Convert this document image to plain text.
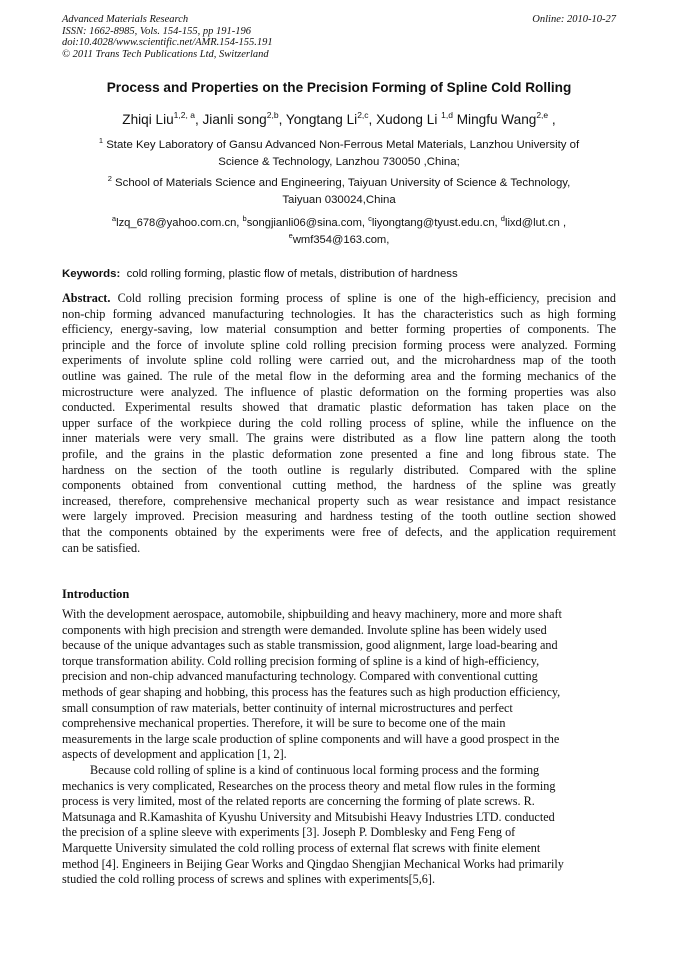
Advanced Materials Research
ISSN: 1662-8985, Vols. 154-155, pp 191-196
doi:10.4028/www.scientific.net/AMR.154-155.191
© 2011 Trans Tech Publications Ltd, Switzerland
Online: 2010-10-27
Process and Properties on the Precision Forming of Spline Cold Rolling
Zhiqi Liu$^{1,2, a}$, Jianli song$^{2,b}$, Yongtang Li$^{2,c}$, Xudong Li $^{1,d}$ Mingfu Wang$^{2,e}$ ,
$^1$ State Key Laboratory of Gansu Advanced Non-Ferrous Metal Materials, Lanzhou University of
Science & Technology, Lanzhou 730050 ,China;
$^2$ School of Materials Science and Engineering, Taiyuan University of Science & Technology,
Taiyuan 030024,China
$^a$lzq_678@yahoo.com.cn, $^b$songjianli06@sina.com, $^c$liyongtang@tyust.edu.cn, $^d$lixd@lut.cn ,
$^e$wmf354@163.com,
Keywords: cold rolling forming, plastic flow of metals, distribution of hardness
Abstract. Cold rolling precision forming process of spline is one of the high-efficiency, precision and
non-chip forming advanced manufacturing technologies. It has the characteristics such as high forming
efficiency, energy-saving, low material consumption and better forming properties of components. The
principle and the force of involute spline cold rolling precision forming process were analyzed. Forming
experiments of involute spline cold rolling were carried out, and the microhardness map of the tooth
outline was gained. The rule of the metal flow in the deforming area and the forming mechanics of the
microstructure were analyzed. The influence of plastic deformation on the forming properties was also
conducted. Experimental results showed that dramatic plastic deformation has taken place on the
upper surface of the workpiece during the cold rolling process of spline, while the influence on the
inner materials were very small. The grains were distributed as a flow line pattern along the tooth
profile, and the grains in the plastic deformation zone presented a fine and long fibrous state. The
hardness on the section of the tooth outline is regularly distributed. Compared with the spline
components obtained from conventional cutting method, the hardness of the spline was greatly
increased, therefore, comprehensive mechanical property such as wear resistance and impact resistance
were largely improved. Precision measuring and hardness testing of the tooth outline section showed
that the components obtained by the experiments were free of defects, and the application requirement
can be satisfied.
Introduction
With the development aerospace, automobile, shipbuilding and heavy machinery, more and more shaft
components with high precision and strength were demanded. Involute spline has been widely used
because of the unique advantages such as stable transmission, good alignment, large load-bearing and
torque transformation ability. Cold rolling precision forming of spline is a kind of high-efficiency,
precision and non-chip advanced manufacturing technology. Compared with conventional cutting
methods of gear shaping and hobbing, this process has the features such as high production efficiency,
small consumption of raw materials, better continuity of internal microstructures and perfect
comprehensive mechanical properties. Therefore, it will be sure to become one of the main
measurements in the large scale production of spline components and will have a good prospect in the
aspects of development and application [1, 2].
Because cold rolling of spline is a kind of continuous local forming process and the forming
mechanics is very complicated, Researches on the process theory and metal flow rules in the forming
process is very limited, most of the related reports are concerning the forming of plate screws. R.
Matsunaga and R.Kamashita of Kyushu University and Mitsubishi Heavy Industries LTD. conducted
the precision of a spline sleeve with experiments [3]. Joseph P. Domblesky and Feng Feng of
Marquette University simulated the cold rolling process of external flat screws with finite element
method [4]. Engineers in Beijing Gear Works and Qingdao Shengjian Mechanical Works had primarily
studied the cold rolling process of screws and splines with experiments[5,6].
